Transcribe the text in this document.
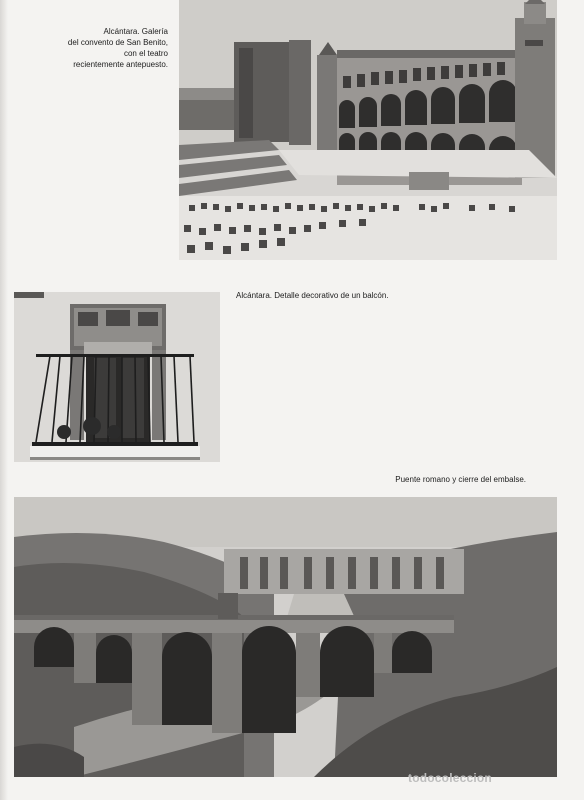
Alcántara. Galería
del convento de San Benito,
con el teatro
recientemente antepuesto.
Alcántara. Detalle decorativo de un balcón.
Puente romano y cierre del embalse.
todocoleccion
